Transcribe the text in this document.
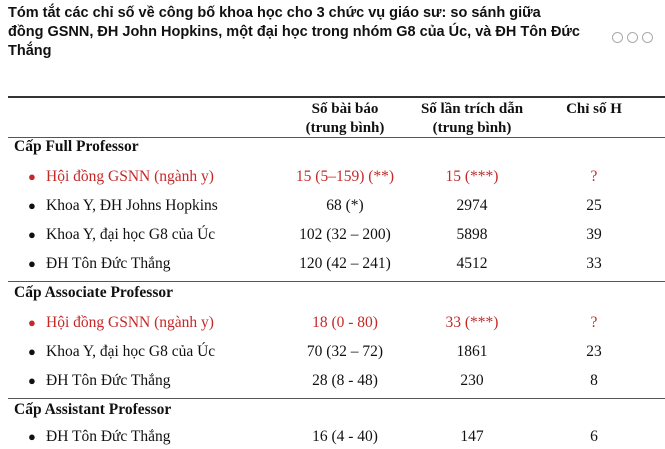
Tóm tắt các chỉ số về công bố khoa học cho 3 chức vụ giáo sư: so sánh giữa
đồng GSNN, ĐH John Hopkins, một đại học trong nhóm G8 của Úc, và ĐH Tôn Đức
Thắng
Số bài báo
(trung bình)
Số lần trích dẫn
(trung bình)
Chỉ số H
Cấp Full Professor
● Hội đồng GSNN (ngành y)	15 (5–159) (**)	15 (***)	?
● Khoa Y, ĐH Johns Hopkins	68 (*)	2974	25
● Khoa Y, đại học G8 của Úc	102 (32 – 200)	5898	39
● ĐH Tôn Đức Thắng	120 (42 – 241)	4512	33
Cấp Associate Professor
● Hội đồng GSNN (ngành y)	18 (0 - 80)	33 (***)	?
● Khoa Y, đại học G8 của Úc	70 (32 – 72)	1861	23
● ĐH Tôn Đức Thắng	28 (8 - 48)	230	8
Cấp Assistant Professor
● ĐH Tôn Đức Thắng	16 (4 - 40)	147	6
